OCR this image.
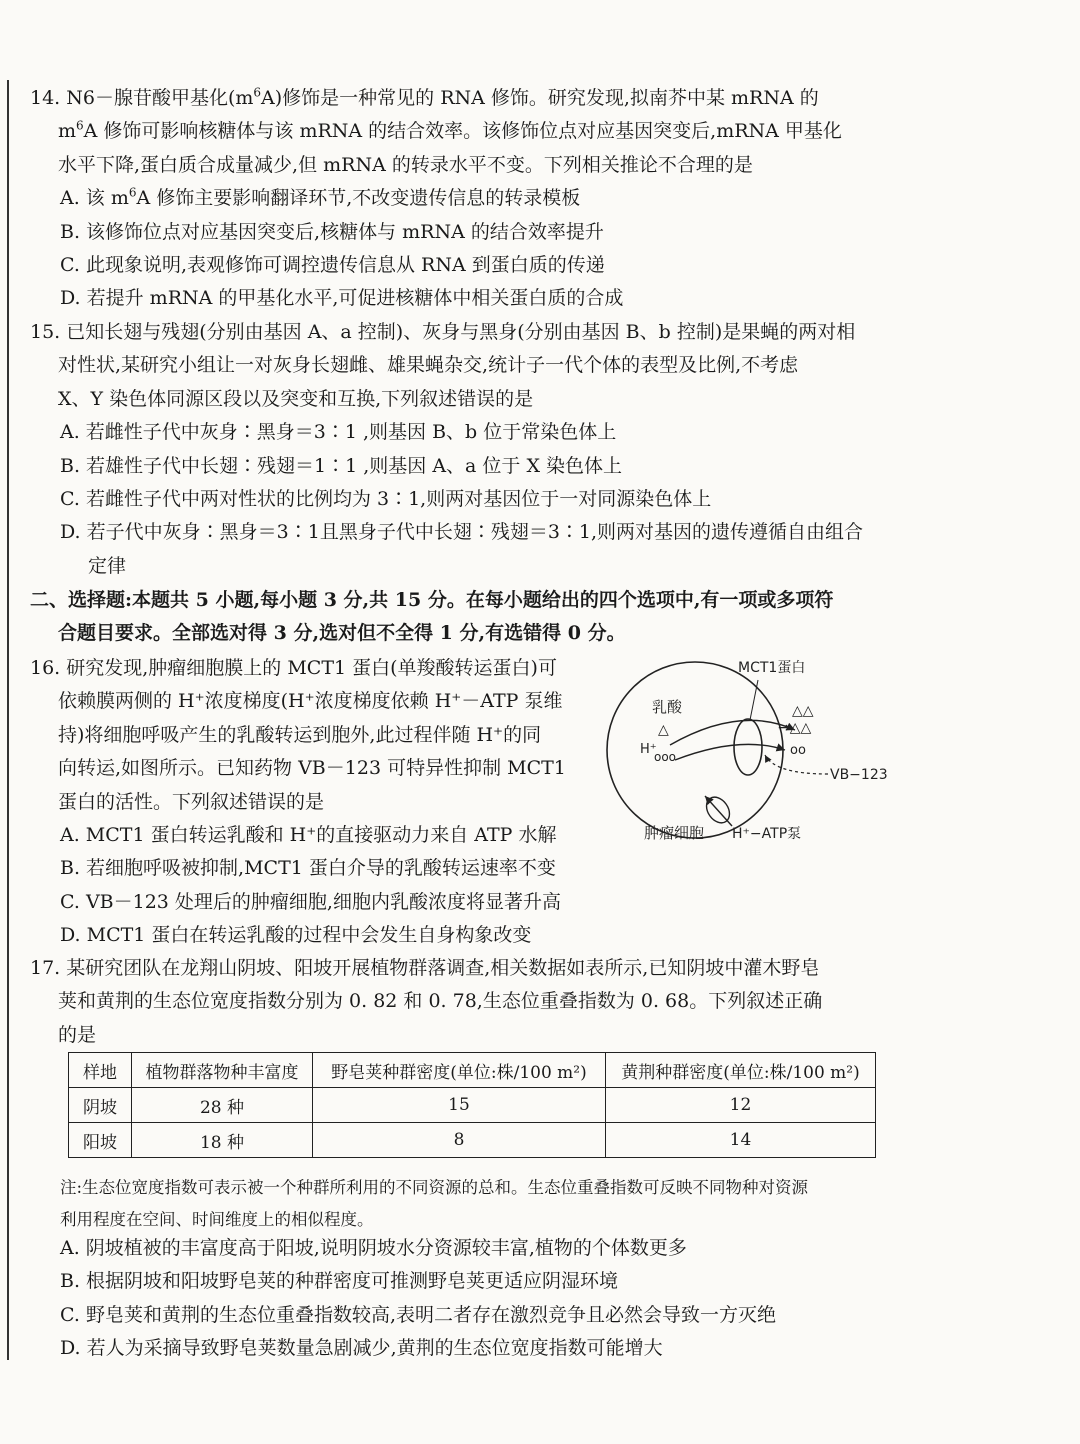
14. N6－腺苷酸甲基化$(m^6A)$修饰是一种常见的 RNA 修饰。研究发现,拟南芥中某 mRNA 的
$m^6A$ 修饰可影响核糖体与该 mRNA 的结合效率。该修饰位点对应基因突变后,mRNA 甲基化
水平下降,蛋白质合成量减少,但 mRNA 的转录水平不变。下列相关推论不合理的是
A. 该 $m^6A$ 修饰主要影响翻译环节,不改变遗传信息的转录模板
B. 该修饰位点对应基因突变后,核糖体与 mRNA 的结合效率提升
C. 此现象说明,表观修饰可调控遗传信息从 RNA 到蛋白质的传递
D. 若提升 mRNA 的甲基化水平,可促进核糖体中相关蛋白质的合成
15. 已知长翅与残翅(分别由基因 A、a 控制)、灰身与黑身(分别由基因 B、b 控制)是果蝇的两对相
对性状,某研究小组让一对灰身长翅雌、雄果蝇杂交,统计子一代个体的表型及比例,不考虑
X、Y 染色体同源区段以及突变和互换,下列叙述错误的是
A. 若雌性子代中灰身∶黑身＝3∶1 ,则基因 B、b 位于常染色体上
B. 若雄性子代中长翅∶残翅＝1∶1 ,则基因 A、a 位于 X 染色体上
C. 若雌性子代中两对性状的比例均为 3∶1,则两对基因位于一对同源染色体上
D. 若子代中灰身∶黑身＝3∶1且黑身子代中长翅∶残翅＝3∶1,则两对基因的遗传遵循自由组合
定律
二、选择题:本题共 5 小题,每小题 3 分,共 15 分。在每小题给出的四个选项中,有一项或多项符
合题目要求。全部选对得 3 分,选对但不全得 1 分,有选错得 0 分。
16. 研究发现,肿瘤细胞膜上的 MCT1 蛋白(单羧酸转运蛋白)可
依赖膜两侧的 H⁺浓度梯度(H⁺浓度梯度依赖 H⁺－ATP 泵维
持)将细胞呼吸产生的乳酸转运到胞外,此过程伴随 H⁺的同
向转运,如图所示。已知药物 VB－123 可特异性抑制 MCT1
蛋白的活性。下列叙述错误的是
A. MCT1 蛋白转运乳酸和 H⁺的直接驱动力来自 ATP 水解
B. 若细胞呼吸被抑制,MCT1 蛋白介导的乳酸转运速率不变
C. VB－123 处理后的肿瘤细胞,细胞内乳酸浓度将显著升高
D. MCT1 蛋白在转运乳酸的过程中会发生自身构象改变
MCT1蛋白
乳酸
△
H⁺
ooo
△△
→△△
oo
VB−123
肿瘤细胞 H⁺−ATP泵
17. 某研究团队在龙翔山阴坡、阳坡开展植物群落调查,相关数据如表所示,已知阴坡中灌木野皂
荚和黄荆的生态位宽度指数分别为 0. 82 和 0. 78,生态位重叠指数为 0. 68。下列叙述正确
的是
样地	植物群落物种丰富度	野皂荚种群密度(单位:株/100 m²)	黄荆种群密度(单位:株/100 m²)
阴坡	28 种	15	12
阳坡	18 种	8	14
注:生态位宽度指数可表示被一个种群所利用的不同资源的总和。生态位重叠指数可反映不同物种对资源
利用程度在空间、时间维度上的相似程度。
A. 阴坡植被的丰富度高于阳坡,说明阴坡水分资源较丰富,植物的个体数更多
B. 根据阴坡和阳坡野皂荚的种群密度可推测野皂荚更适应阴湿环境
C. 野皂荚和黄荆的生态位重叠指数较高,表明二者存在激烈竞争且必然会导致一方灭绝
D. 若人为采摘导致野皂荚数量急剧减少,黄荆的生态位宽度指数可能增大
